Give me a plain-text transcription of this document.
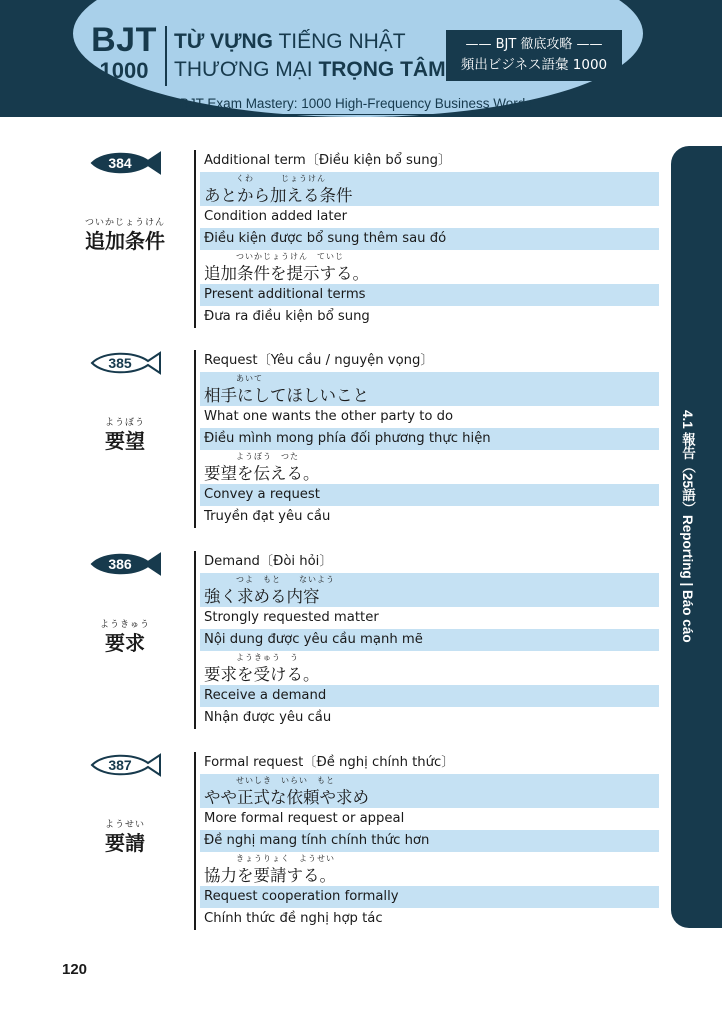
BJT
1000
TỪ VỰNG TIẾNG NHẬT
THƯƠNG MẠI TRỌNG TÂM
—— BJT 徹底攻略 ——
頻出ビジネス語彙 1000
BJT Exam Mastery: 1000 High-Frequency Business Words
4.1 報告（25語）Reporting | Báo cáo
384
ついかじょうけん
追加条件
Additional term〔Điều kiện bổ sung〕
くわ　　　じょうけん
あとから加える条件
Condition added later
Điều kiện được bổ sung thêm sau đó
ついかじょうけん　ていじ
追加条件を提示する。
Present additional terms
Đưa ra điều kiện bổ sung
385
ようぼう
要望
Request〔Yêu cầu / nguyện vọng〕
あいて
相手にしてほしいこと
What one wants the other party to do
Điều mình mong phía đối phương thực hiện
ようぼう　つた
要望を伝える。
Convey a request
Truyền đạt yêu cầu
386
ようきゅう
要求
Demand〔Đòi hỏi〕
つよ　もと　　ないよう
強く求める内容
Strongly requested matter
Nội dung được yêu cầu mạnh mẽ
ようきゅう　う
要求を受ける。
Receive a demand
Nhận được yêu cầu
387
ようせい
要請
Formal request〔Đề nghị chính thức〕
せいしき　いらい　もと
やや正式な依頼や求め
More formal request or appeal
Đề nghị mang tính chính thức hơn
きょうりょく　ようせい
協力を要請する。
Request cooperation formally
Chính thức đề nghị hợp tác
120
